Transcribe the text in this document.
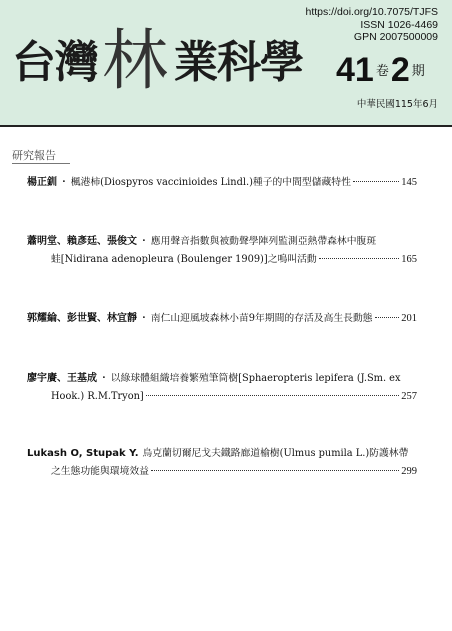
台灣林業科學
https://doi.org/10.7075/TJFS
ISSN 1026-4469
GPN 2007500009
41 $^卷$2 $^期$
中華民國115年6月
研究報告
楊正釧 ・ 楓港柿(Diospyros vaccinioides Lindl.)種子的中間型儲藏特性	145
蕭明堂、賴彥廷、張俊文 ・ 應用聲音指數與被動聲學陣列監測亞熱帶森林中腹斑
蛙[Nidirana adenopleura (Boulenger 1909)]之鳴叫活動	165
郭耀綸、彭世賢、林宜靜 ・ 南仁山迎風坡森林小苗9年期間的存活及高生長動態	201
廖宇賡、王基成 ・ 以綠球體組織培養繁殖筆筒樹[Sphaeropteris lepifera (J.Sm. ex
Hook.) R.M.Tryon]	257
Lukash O, Stupak Y. 烏克蘭切爾尼戈夫鐵路廊道榆樹(Ulmus pumila L.)防護林帶
之生態功能與環境效益	299
